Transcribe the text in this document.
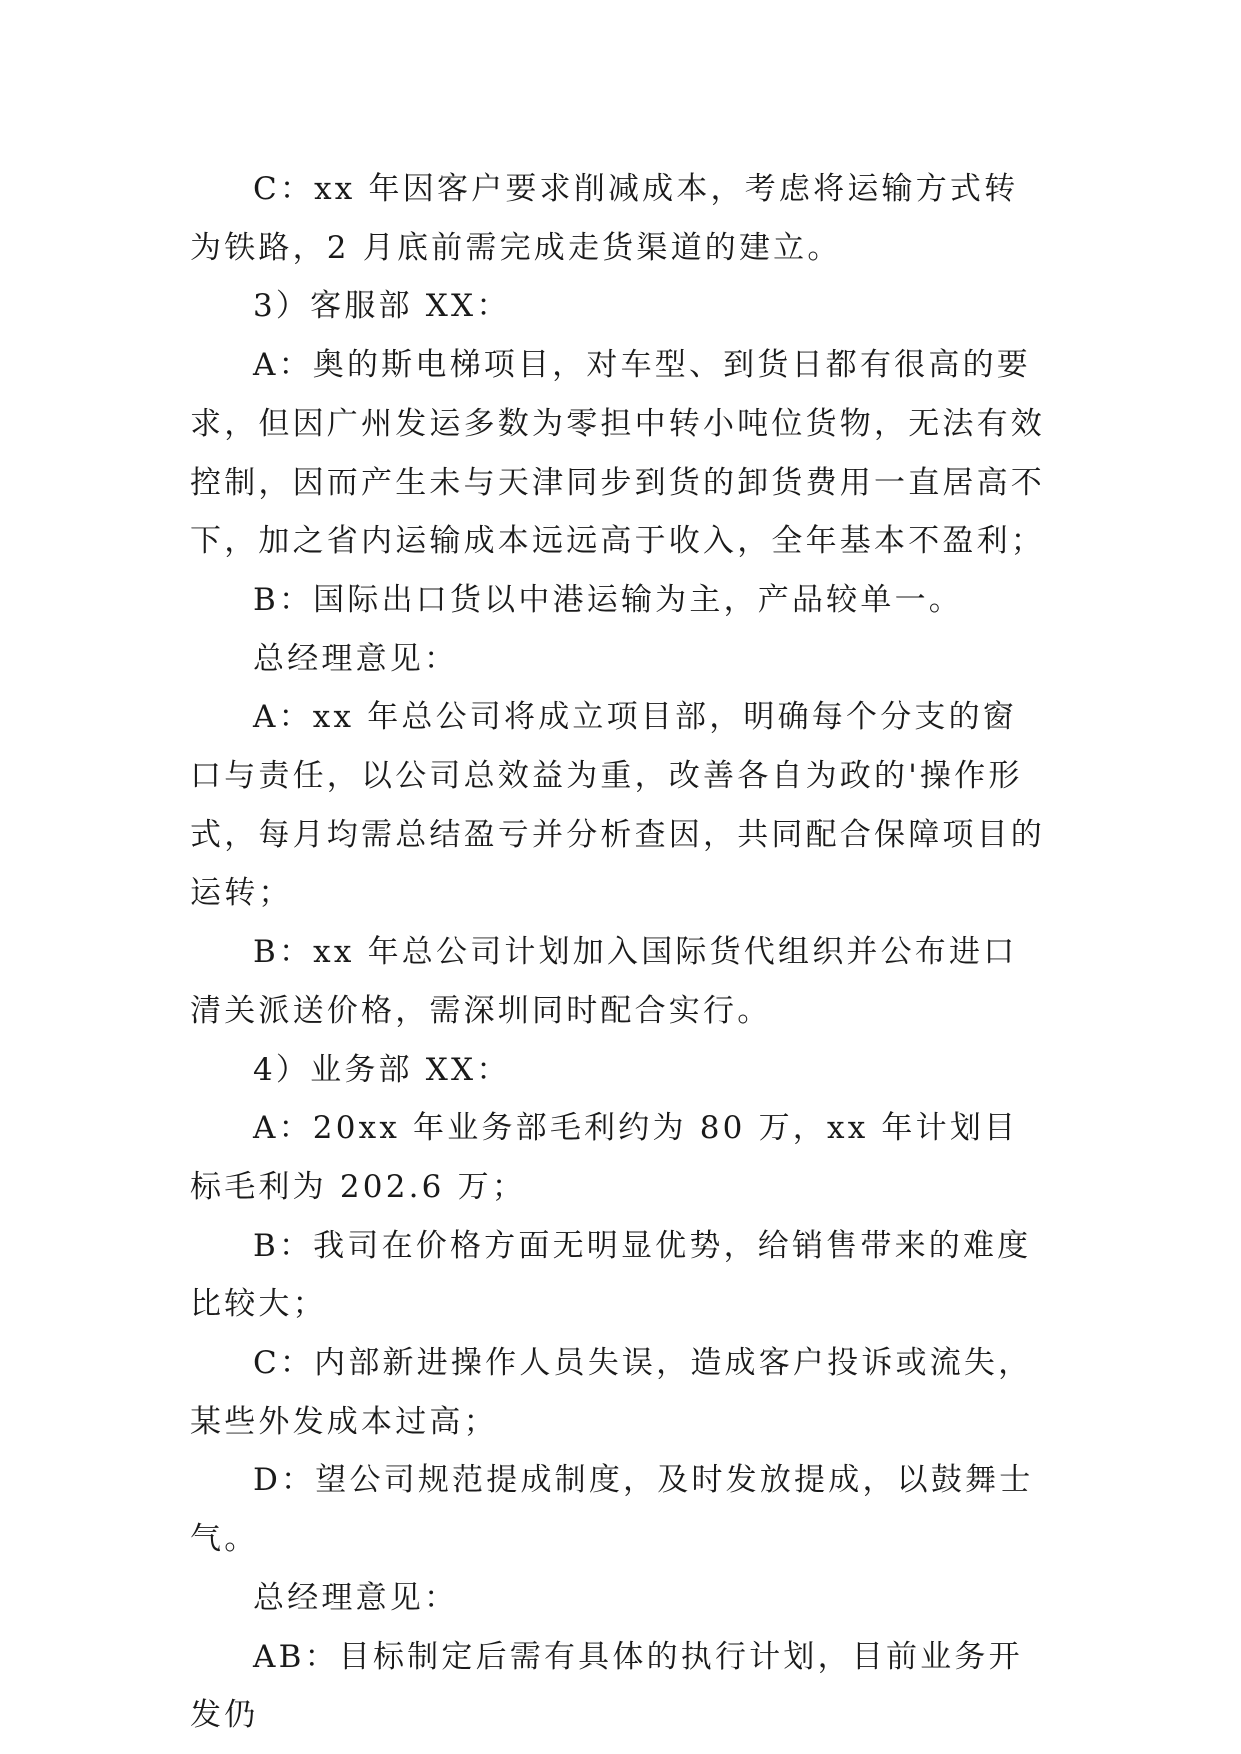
C：xx 年因客户要求削减成本，考虑将运输方式转为铁路，2 月底前需完成走货渠道的建立。

3）客服部 XX：

A：奥的斯电梯项目，对车型、到货日都有很高的要求，但因广州发运多数为零担中转小吨位货物，无法有效控制，因而产生未与天津同步到货的卸货费用一直居高不下，加之省内运输成本远远高于收入，全年基本不盈利；

B：国际出口货以中港运输为主，产品较单一。

总经理意见：

A：xx 年总公司将成立项目部，明确每个分支的窗口与责任，以公司总效益为重，改善各自为政的'操作形式，每月均需总结盈亏并分析查因，共同配合保障项目的运转；

B：xx 年总公司计划加入国际货代组织并公布进口清关派送价格，需深圳同时配合实行。

4）业务部 XX：

A：20xx 年业务部毛利约为 80 万，xx 年计划目标毛利为 202.6 万；

B：我司在价格方面无明显优势，给销售带来的难度比较大；

C：内部新进操作人员失误，造成客户投诉或流失，某些外发成本过高；

D：望公司规范提成制度，及时发放提成，以鼓舞士气。

总经理意见：

AB：目标制定后需有具体的执行计划，目前业务开发仍
